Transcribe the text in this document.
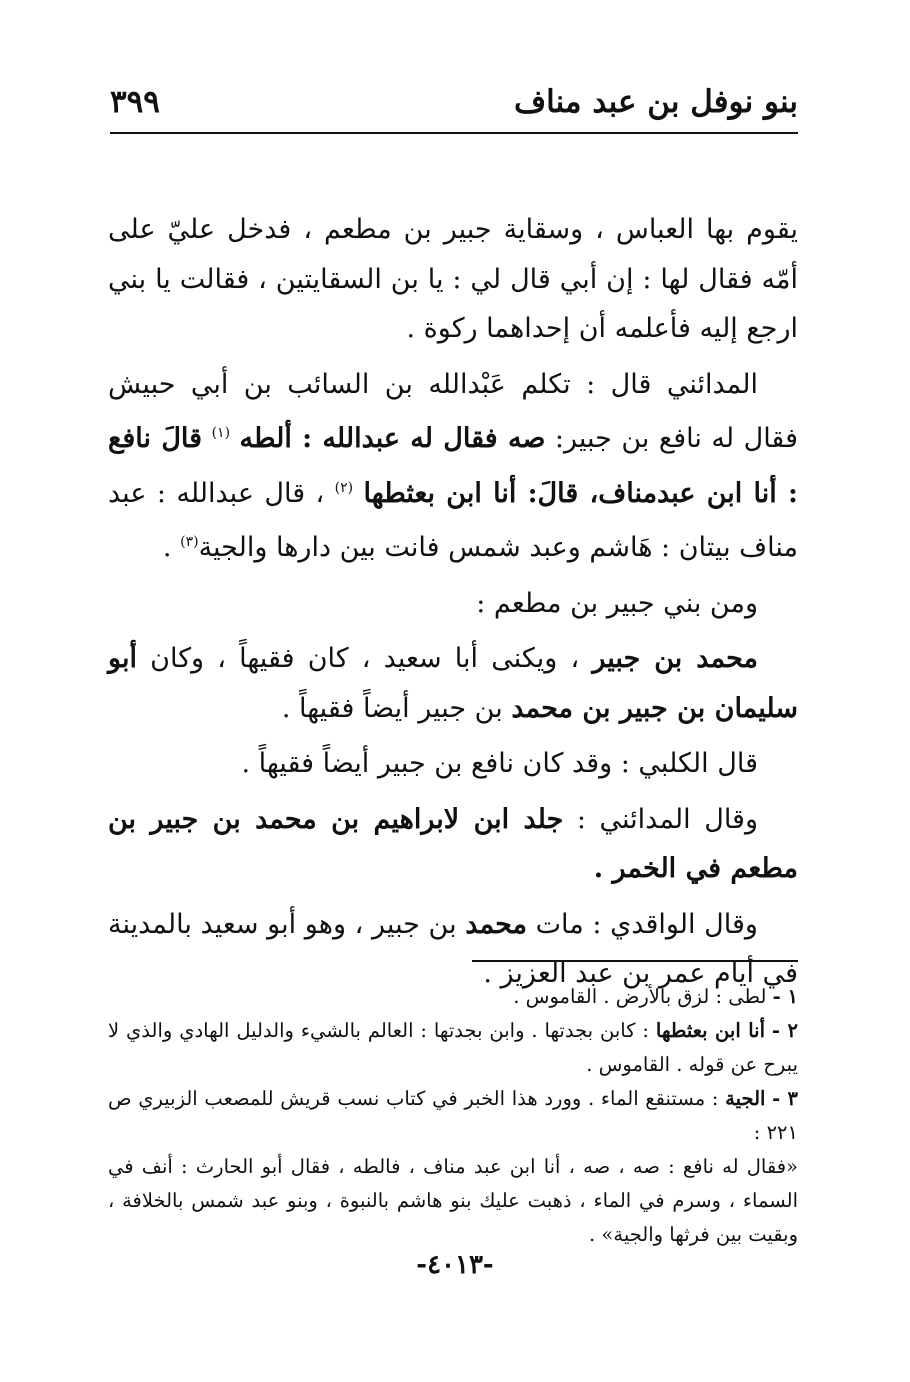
بنو نوفل بن عبد مناف
٣٩٩

يقوم بها العباس ، وسقاية جبير بن مطعم ، فدخل عليّ على أمّه فقال لها : إن أبي قال لي : يا بن السقايتين ، فقالت يا بني ارجع إليه فأعلمه أن إحداهما ركوة .

المدائني قال : تكلم عَبْدالله بن السائب بن أبي حبيش فقال له نافع بن جبير: صه فقال له عبدالله : ألطه $^{(١)}$ قالَ نافع : أنا ابن عبدمناف، قالَ: أنا ابن بعثطها $^{(٢)}$ ، قال عبدالله : عبد مناف بيتان : هَاشم وعبد شمس فانت بين دارها والجية$^{(٣)}$ .

ومن بني جبير بن مطعم :

محمد بن جبير ، ويكنى أبا سعيد ، كان فقيهاً ، وكان أبو سليمان بن جبير بن محمد بن جبير أيضاً فقيهاً .

قال الكلبي : وقد كان نافع بن جبير أيضاً فقيهاً .

وقال المدائني : جلد ابن لابراهيم بن محمد بن جبير بن مطعم في الخمر .

وقال الواقدي : مات محمد بن جبير ، وهو أبو سعيد بالمدينة في أيام عمر بن عبد العزيز .

١ - لطى : لزق بالأرض . القاموس .

٢ - أنا ابن بعثطها : كابن بجدتها . وابن بجدتها : العالم بالشيء والدليل الهادي والذي لا يبرح عن قوله . القاموس .

٣ - الجية : مستنقع الماء . وورد هذا الخبر في كتاب نسب قريش للمصعب الزبيري ص ٢٢١ :

«فقال له نافع : صه ، صه ، أنا ابن عبد مناف ، فالطه ، فقال أبو الحارث : أنف في السماء ، وسرم في الماء ، ذهبت عليك بنو هاشم بالنبوة ، وبنو عبد شمس بالخلافة ، وبقيت بين فرثها والجية» .

-٤٠١٣-
